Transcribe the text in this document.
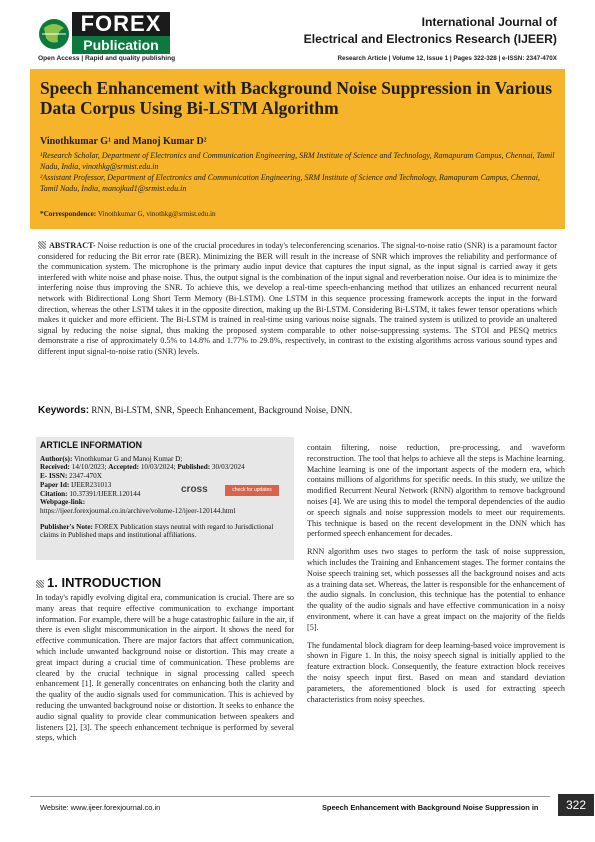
FOREX
Publication
Open Access | Rapid and quality publishing
International Journal of
Electrical and Electronics Research (IJEER)
Research Article | Volume 12, Issue 1 | Pages 322-328 | e-ISSN: 2347-470X
Speech Enhancement with Background Noise Suppression in Various Data Corpus Using Bi-LSTM Algorithm
Vinothkumar G¹ and Manoj Kumar D²
¹Research Scholar, Department of Electronics and Communication Engineering, SRM Institute of Science and Technology, Ramapuram Campus, Chennai, Tamil Nadu, India, vinothkg@srmist.edu.in
²Assistant Professor, Department of Electronics and Communication Engineering, SRM Institute of Science and Technology, Ramapuram Campus, Chennai, Tamil Nadu, India, manojkud1@srmist.edu.in
*Correspondence: Vinothkumar G, vinothkg@srmist.edu.in
ABSTRACT- Noise reduction is one of the crucial procedures in today's teleconferencing scenarios. The signal-to-noise ratio (SNR) is a paramount factor considered for reducing the Bit error rate (BER). Minimizing the BER will result in the increase of SNR which improves the reliability and performance of the communication system. The microphone is the primary audio input device that captures the input signal, as the input signal is carried away it gets interfered with white noise and phase noise. Thus, the output signal is the combination of the input signal and reverberation noise. Our idea is to minimize the interfering noise thus improving the SNR. To achieve this, we develop a real-time speech-enhancing method that utilizes an enhanced recurrent neural network with Bidirectional Long Short Term Memory (Bi-LSTM). One LSTM in this sequence processing framework accepts the input in the forward direction, whereas the other LSTM takes it in the opposite direction, making up the Bi-LSTM. Considering Bi-LSTM, it takes fewer tensor operations which makes it quicker and more efficient. The Bi-LSTM is trained in real-time using various noise signals. The trained system is utilized to provide an unaltered signal by reducing the noise signal, thus making the proposed system comparable to other noise-suppressing systems. The STOI and PESQ metrics demonstrate a rise of approximately 0.5% to 14.8% and 1.77% to 29.8%, respectively, in contrast to the existing algorithms across various sound types and different input signal-to-noise ratio (SNR) levels.
Keywords: RNN, Bi-LSTM, SNR, Speech Enhancement, Background Noise, DNN.
ARTICLE INFORMATION
Author(s): Vinothkumar G and Manoj Kumar D;
Received: 14/10/2023; Accepted: 10/03/2024; Published: 30/03/2024
E- ISSN: 2347-470X
Paper Id: IJEER231013
Citation: 10.37391/IJEER.120144
Webpage-link:
https://ijeer.forexjournal.co.in/archive/volume-12/ijeer-120144.html
Publisher's Note: FOREX Publication stays neutral with regard to Jurisdictional claims in Published maps and institutional affiliations.
cross	check for updates
1. INTRODUCTION
In today's rapidly evolving digital era, communication is crucial. There are so many areas that require effective communication to exchange important information. For example, there will be a huge catastrophic failure in the air, if there is even slight miscommunication in the airport. It shows the need for effective communication. There are major factors that affect communication, which include unwanted background noise or distortion. This may create a great impact during a crucial time of communication. These problems are cleared by the crucial technique in signal processing called speech enhancement [1]. It generally concentrates on enhancing both the clarity and the quality of the audio signals used for communication. This is achieved by reducing the unwanted background noise or distortion. It seeks to enhance the audio signal quality to provide clear communication between speakers and listeners [2], [3]. The speech enhancement technique is performed by several steps, which

contain filtering, noise reduction, pre-processing, and waveform reconstruction. The tool that helps to achieve all the steps is Machine learning. Machine learning is one of the important aspects of the modern era, which contains millions of algorithms for specific needs. In this study, we utilize the modified Recurrent Neural Network (RNN) algorithm to remove background noises [4]. We are using this to model the temporal dependencies of the audio or speech signals and noise suppression models to meet our requirements. This technique is based on the recent development in the DNN which has performed speech enhancement for decades.

RNN algorithm uses two stages to perform the task of noise suppression, which includes the Training and Enhancement stages. The former contains the Noise speech training set, which possesses all the background noises and acts as a training data set. Whereas, the latter is responsible for the enhancement of the audio signals. In conclusion, this technique has the potential to enhance the quality of the audio signals and have effective communication in a noisy environment, where it can have a great impact on the majority of the fields [5].

The fundamental block diagram for deep learning-based voice improvement is shown in Figure 1. In this, the noisy speech signal is initially applied to the feature extraction block. Consequently, the feature extraction block receives the noisy speech input first. Based on mean and standard deviation parameters, the aforementioned block is used for extracting speech characteristics from noisy speeches.

Website: www.ijeer.forexjournal.co.in	Speech Enhancement with Background Noise Suppression in	322
